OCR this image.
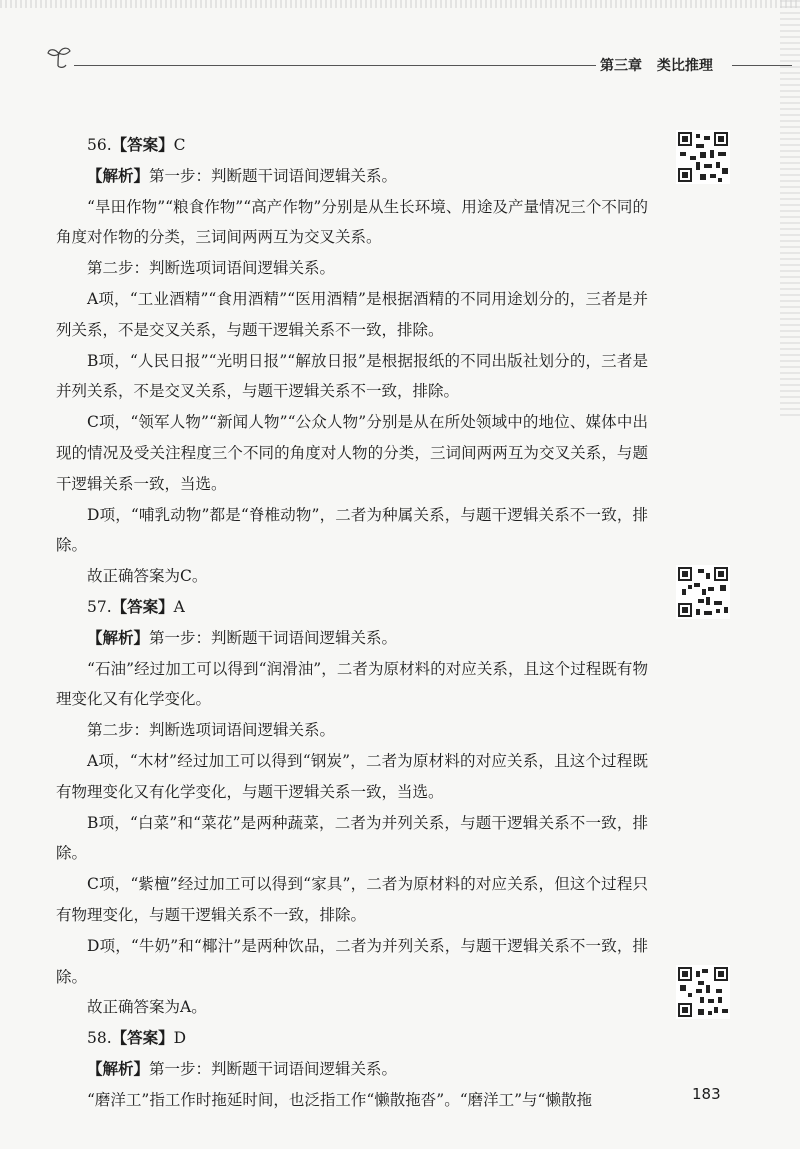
第三章 类比推理

56.【答案】C

【解析】第一步：判断题干词语间逻辑关系。

“旱田作物”“粮食作物”“高产作物”分别是从生长环境、用途及产量情况三个不同的角度对作物的分类，三词间两两互为交叉关系。

第二步：判断选项词语间逻辑关系。

A项，“工业酒精”“食用酒精”“医用酒精”是根据酒精的不同用途划分的，三者是并列关系，不是交叉关系，与题干逻辑关系不一致，排除。

B项，“人民日报”“光明日报”“解放日报”是根据报纸的不同出版社划分的，三者是并列关系，不是交叉关系，与题干逻辑关系不一致，排除。

C项，“领军人物”“新闻人物”“公众人物”分别是从在所处领域中的地位、媒体中出现的情况及受关注程度三个不同的角度对人物的分类，三词间两两互为交叉关系，与题干逻辑关系一致，当选。

D项，“哺乳动物”都是“脊椎动物”，二者为种属关系，与题干逻辑关系不一致，排除。

故正确答案为C。

57.【答案】A

【解析】第一步：判断题干词语间逻辑关系。

“石油”经过加工可以得到“润滑油”，二者为原材料的对应关系，且这个过程既有物理变化又有化学变化。

第二步：判断选项词语间逻辑关系。

A项，“木材”经过加工可以得到“钢炭”，二者为原材料的对应关系，且这个过程既有物理变化又有化学变化，与题干逻辑关系一致，当选。

B项，“白菜”和“菜花”是两种蔬菜，二者为并列关系，与题干逻辑关系不一致，排除。

C项，“紫檀”经过加工可以得到“家具”，二者为原材料的对应关系，但这个过程只有物理变化，与题干逻辑关系不一致，排除。

D项，“牛奶”和“椰汁”是两种饮品，二者为并列关系，与题干逻辑关系不一致，排除。

故正确答案为A。

58.【答案】D

【解析】第一步：判断题干词语间逻辑关系。

“磨洋工”指工作时拖延时间，也泛指工作“懒散拖沓”。“磨洋工”与“懒散拖	183
